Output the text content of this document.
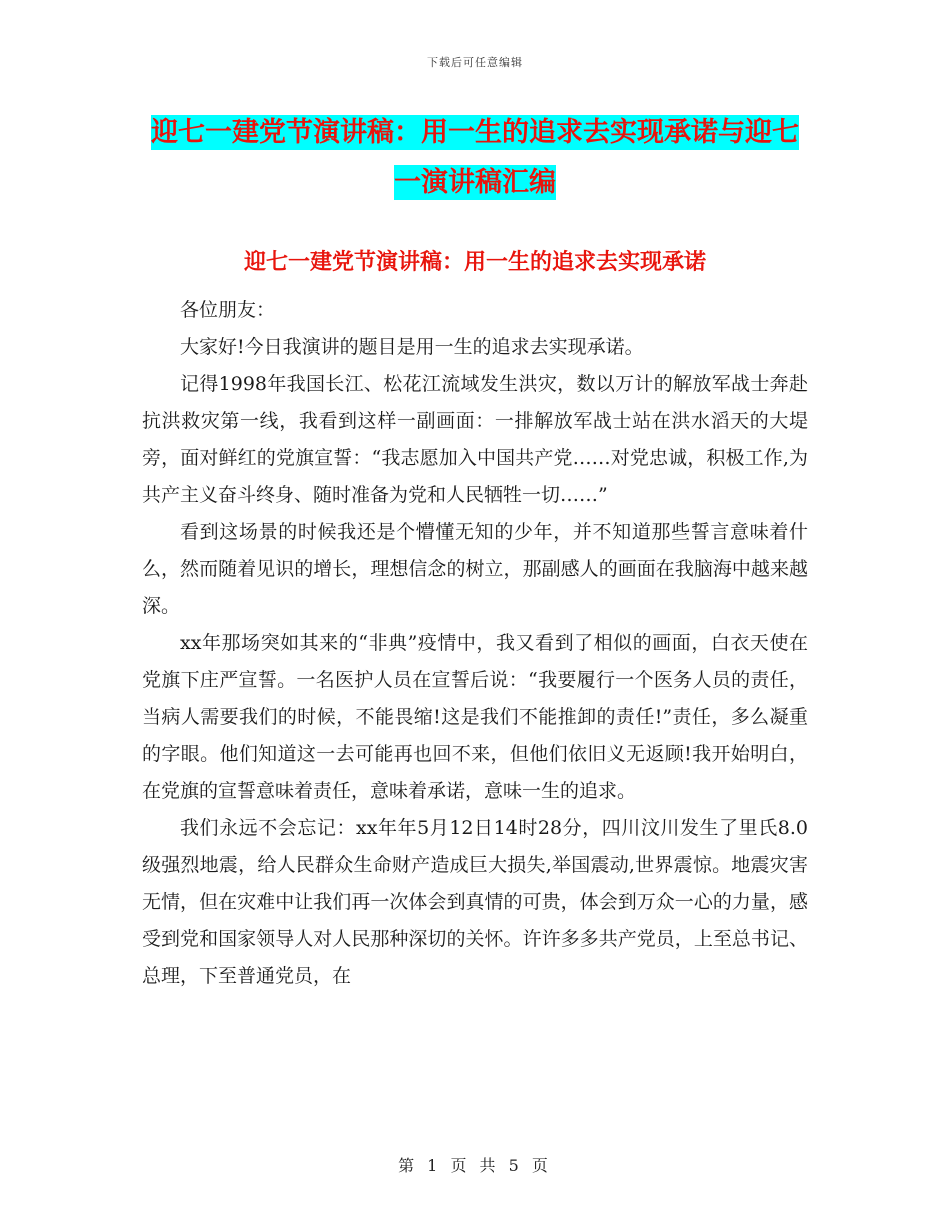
下载后可任意编辑
迎七一建党节演讲稿：用一生的追求去实现承诺与迎七一演讲稿汇编
迎七一建党节演讲稿：用一生的追求去实现承诺

各位朋友：

大家好!今日我演讲的题目是用一生的追求去实现承诺。

记得1998年我国长江、松花江流域发生洪灾，数以万计的解放军战士奔赴抗洪救灾第一线，我看到这样一副画面：一排解放军战士站在洪水滔天的大堤旁，面对鲜红的党旗宣誓：“我志愿加入中国共产党……对党忠诚，积极工作,为共产主义奋斗终身、随时准备为党和人民牺牲一切……”

看到这场景的时候我还是个懵懂无知的少年，并不知道那些誓言意味着什么，然而随着见识的增长，理想信念的树立，那副感人的画面在我脑海中越来越深。

xx年那场突如其来的“非典”疫情中，我又看到了相似的画面，白衣天使在党旗下庄严宣誓。一名医护人员在宣誓后说：“我要履行一个医务人员的责任，当病人需要我们的时候，不能畏缩!这是我们不能推卸的责任!”责任，多么凝重的字眼。他们知道这一去可能再也回不来，但他们依旧义无返顾!我开始明白，在党旗的宣誓意味着责任，意味着承诺，意味一生的追求。

我们永远不会忘记：xx年年5月12日14时28分，四川汶川发生了里氏8.0级强烈地震，给人民群众生命财产造成巨大损失,举国震动,世界震惊。地震灾害无情，但在灾难中让我们再一次体会到真情的可贵，体会到万众一心的力量，感受到党和国家领导人对人民那种深切的关怀。许许多多共产党员，上至总书记、总理，下至普通党员，在

第 1 页 共 5 页
